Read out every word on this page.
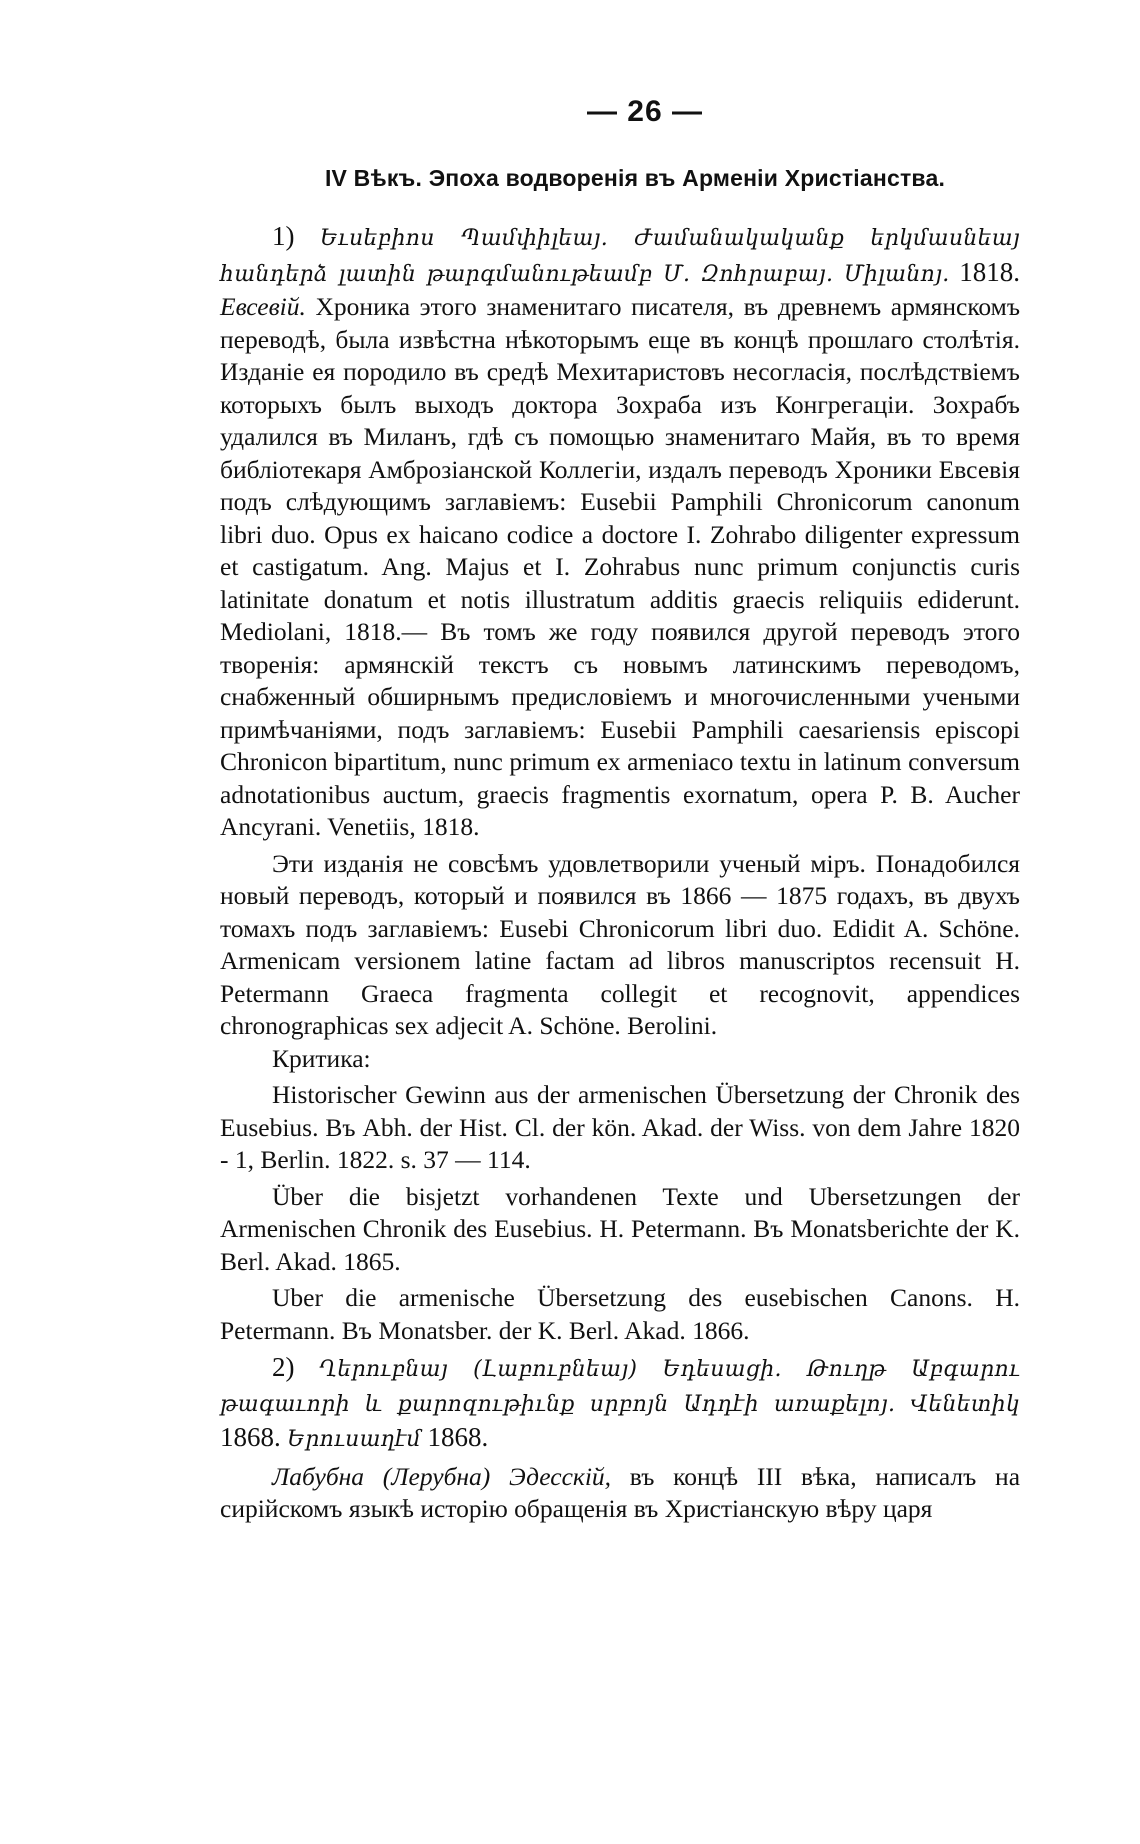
— 26 —
IV Вѣкъ. Эпоха водворенія въ Арменіи Христіанства.

1) Եւսեբիոս Պամփիլեայ. Ժամանակականք երկմասնեայ հանդերձ լատին թարգմանութեամբ Մ. Զոհրաբայ. Միլանոյ. 1818. Евсевій. Хроника этого знаменитаго писателя, въ древнемъ армянскомъ переводѣ, была извѣстна нѣкоторымъ еще въ концѣ прошлаго столѣтія. Изданіе ея породило въ средѣ Мехитаристовъ несогласія, послѣдствіемъ которыхъ былъ выходъ доктора Зохраба изъ Конгрегаціи. Зохрабъ удалился въ Миланъ, гдѣ съ помощью знаменитаго Майя, въ то время библіотекаря Амброзіанской Коллегіи, издалъ переводъ Хроники Евсевія подъ слѣдующимъ заглавіемъ: Eusebii Pamphili Chronicorum canonum libri duo. Opus ex haicano codice a doctore I. Zohrabo diligenter expressum et castigatum. Ang. Majus et I. Zohrabus nunc primum conjunctis curis latinitate donatum et notis illustratum additis graecis reliquiis ediderunt. Mediolani, 1818.— Въ томъ же году появился другой переводъ этого творенія: армянскій текстъ съ новымъ латинскимъ переводомъ, снабженный обширнымъ предисловіемъ и многочисленными учеными примѣчаніями, подъ заглавіемъ: Eusebii Pamphili caesariensis episcopi Chronicon bipartitum, nunc primum ex armeniaco textu in latinum conversum adnotationibus auctum, graecis fragmentis exornatum, opera P. B. Aucher Ancyrani. Venetiis, 1818.

Эти изданія не совсѣмъ удовлетворили ученый міръ. Понадобился новый переводъ, который и появился въ 1866 — 1875 годахъ, въ двухъ томахъ подъ заглавіемъ: Eusebi Chronicorum libri duo. Edidit A. Schöne. Armenicam versionem latine factam ad libros manuscriptos recensuit H. Petermann Graeca fragmenta collegit et recognovit, appendices chronographicas sex adjecit A. Schöne. Berolini.

Критика:

Historischer Gewinn aus der armenischen Übersetzung der Chronik des Eusebius. Въ Abh. der Hist. Cl. der kön. Akad. der Wiss. von dem Jahre 1820 - 1, Berlin. 1822. s. 37 — 114.

Über die bisjetzt vorhandenen Texte und Ubersetzungen der Armenischen Chronik des Eusebius. H. Petermann. Въ Monatsberichte der K. Berl. Akad. 1865.

Uber die armenische Übersetzung des eusebischen Canons. H. Petermann. Въ Monatsber. der K. Berl. Akad. 1866.

2) Ղերուբնայ (Լաբուբնեայ) Եդեսացի. Թուղթ Աբգարու թագաւորի և քարոզութիւնք սրբոյն Ադդէի առաքելոյ. Վենետիկ 1868. Երուսաղէմ 1868.

Лабубна (Лерубна) Эдесскій, въ концѣ III вѣка, написалъ на сирійскомъ языкѣ исторію обращенія въ Христіанскую вѣру царя
